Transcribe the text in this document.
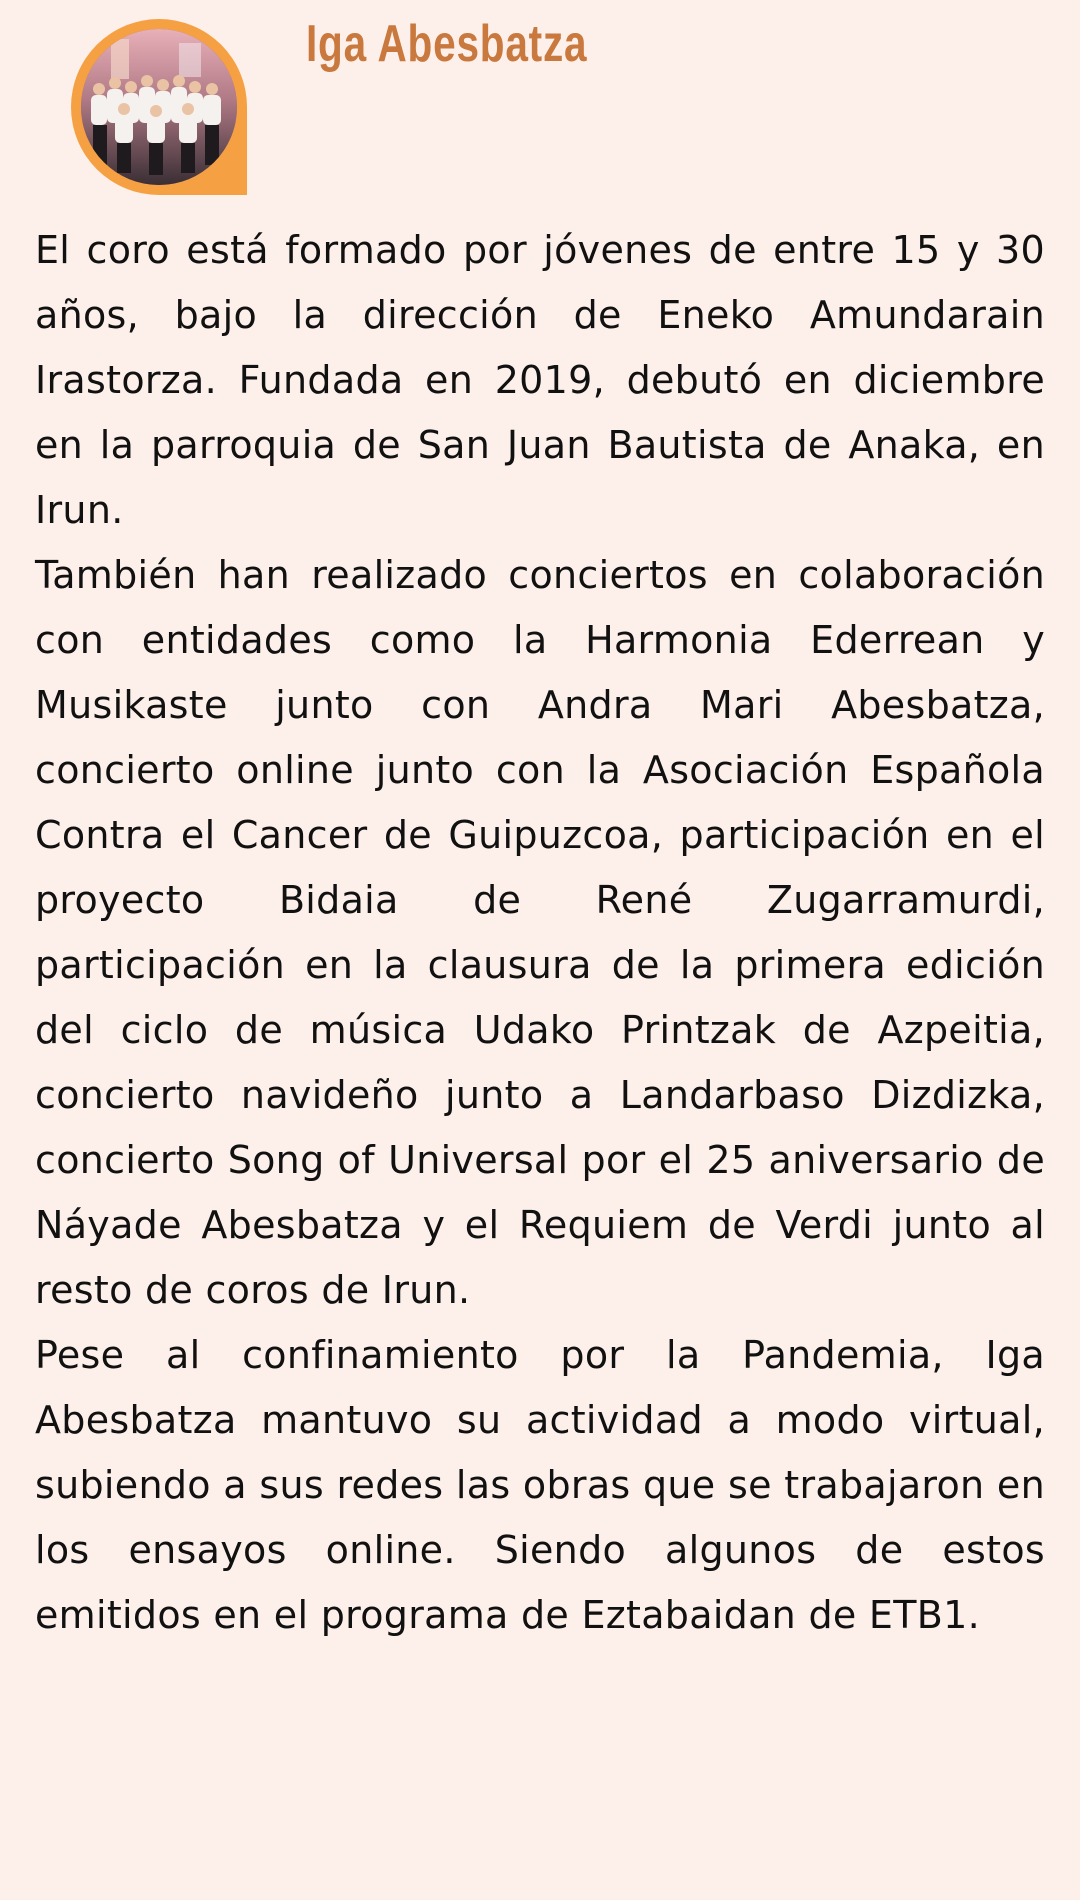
Iga Abesbatza

El coro está formado por jóvenes de entre 15 y 30 años, bajo la dirección de Eneko Amundarain Irastorza. Fundada en 2019, debutó en diciembre en la parroquia de San Juan Bautista de Anaka, en Irun.

También han realizado conciertos en colaboración con entidades como la Harmonia Ederrean y Musikaste junto con Andra Mari Abesbatza, concierto online junto con la Asociación Española Contra el Cancer de Guipuzcoa, participación en el proyecto Bidaia de René Zugarramurdi, participación en la clausura de la primera edición del ciclo de música Udako Printzak de Azpeitia, concierto navideño junto a Landarbaso Dizdizka, concierto Song of Universal por el 25 aniversario de Náyade Abesbatza y el Requiem de Verdi junto al resto de coros de Irun.

Pese al confinamiento por la Pandemia, Iga Abesbatza mantuvo su actividad a modo virtual, subiendo a sus redes las obras que se trabajaron en los ensayos online. Siendo algunos de estos emitidos en el programa de Eztabaidan de ETB1.
